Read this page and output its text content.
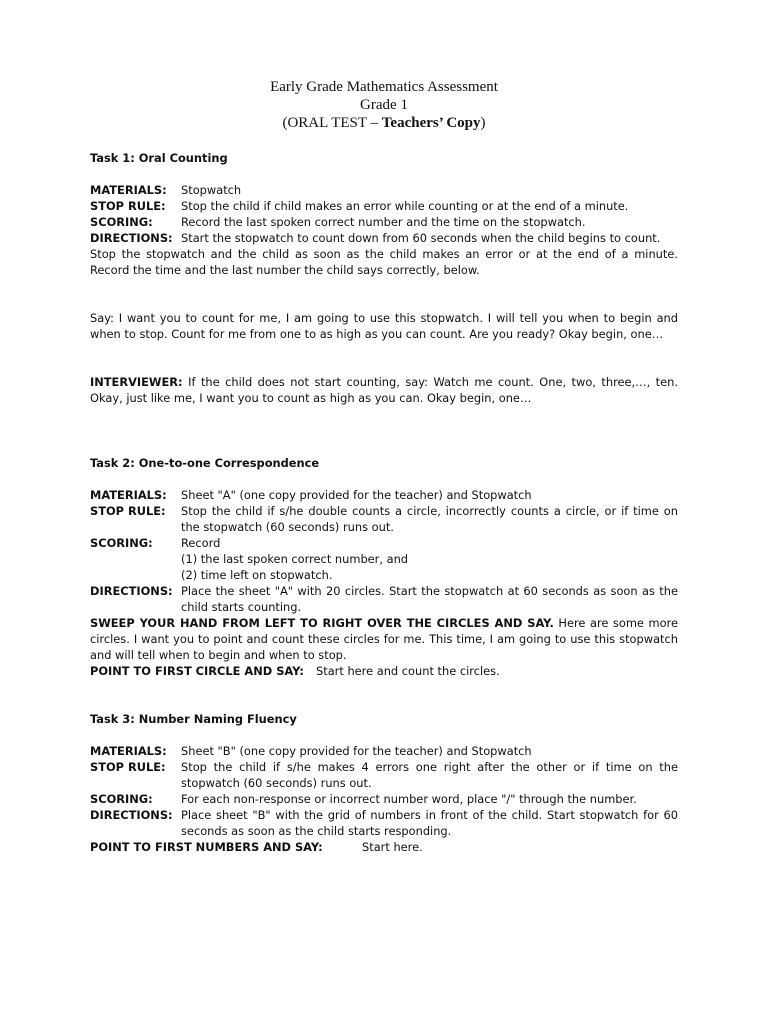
Early Grade Mathematics Assessment
Grade 1
(ORAL TEST – Teachers’ Copy)
Task 1: Oral Counting
MATERIALS:	Stopwatch
STOP RULE:	Stop the child if child makes an error while counting or at the end of a minute.
SCORING:	Record the last spoken correct number and the time on the stopwatch.
DIRECTIONS: Start the stopwatch to count down from 60 seconds when the child begins to count.
Stop the stopwatch and the child as soon as the child makes an error or at the end of a minute. Record the time and the last number the child says correctly, below.
Say: I want you to count for me, I am going to use this stopwatch. I will tell you when to begin and when to stop. Count for me from one to as high as you can count. Are you ready? Okay begin, one…
INTERVIEWER: If the child does not start counting, say: Watch me count. One, two, three,…, ten. Okay, just like me, I want you to count as high as you can. Okay begin, one…
Task 2: One-to-one Correspondence
MATERIALS:	Sheet "A" (one copy provided for the teacher) and Stopwatch
STOP RULE:	Stop the child if s/he double counts a circle, incorrectly counts a circle, or if time on the stopwatch (60 seconds) runs out.
SCORING:	Record
(1) the last spoken correct number, and
(2) time left on stopwatch.
DIRECTIONS: Place the sheet "A" with 20 circles. Start the stopwatch at 60 seconds as soon as the child starts counting.
SWEEP YOUR HAND FROM LEFT TO RIGHT OVER THE CIRCLES AND SAY. Here are some more circles. I want you to point and count these circles for me. This time, I am going to use this stopwatch and will tell when to begin and when to stop.
POINT TO FIRST CIRCLE AND SAY: Start here and count the circles.
Task 3: Number Naming Fluency
MATERIALS:	Sheet "B" (one copy provided for the teacher) and Stopwatch
STOP RULE:	Stop the child if s/he makes 4 errors one right after the other or if time on the stopwatch (60 seconds) runs out.
SCORING:	For each non-response or incorrect number word, place "/" through the number.
DIRECTIONS: Place sheet "B" with the grid of numbers in front of the child. Start stopwatch for 60 seconds as soon as the child starts responding.
POINT TO FIRST NUMBERS AND SAY:	Start here.
